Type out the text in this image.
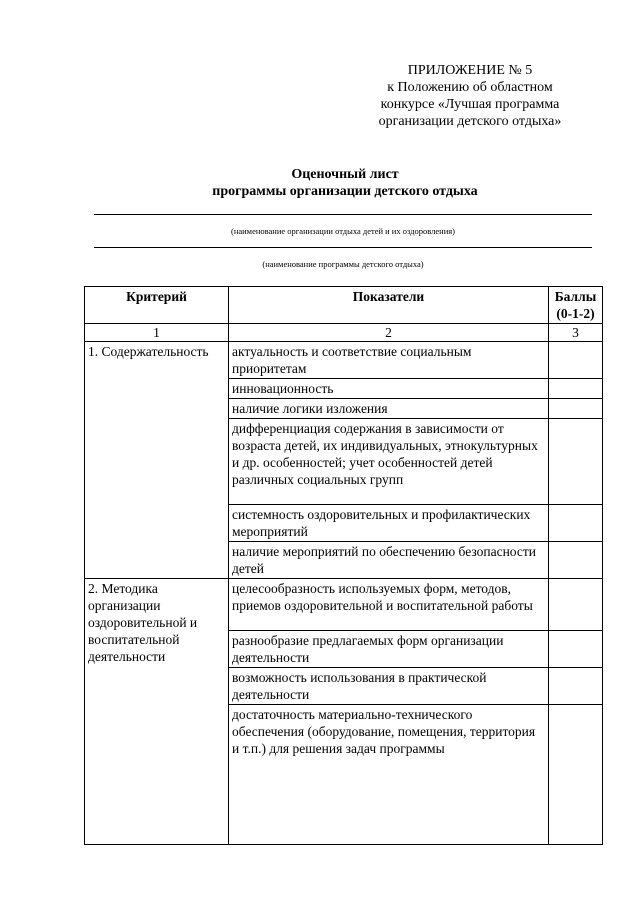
ПРИЛОЖЕНИЕ № 5
к Положению об областном
конкурсе «Лучшая программа
организации детского отдыха»
Оценочный лист
программы организации детского отдыха
(наименование организации отдыха детей и их оздоровления)
(наименование программы детского отдыха)
Критерий	Показатели	Баллы (0-1-2)
1	2	3
1. Содержательность	актуальность и соответствие социальным приоритетам	
	инновационность	
	наличие логики изложения	
	дифференциация содержания в зависимости от возраста детей, их индивидуальных, этнокультурных и др. особенностей; учет особенностей детей различных социальных групп	
	системность оздоровительных и профилактических мероприятий	
	наличие мероприятий по обеспечению безопасности детей	
2. Методика организации оздоровительной и воспитательной деятельности	целесообразность используемых форм, методов, приемов оздоровительной и воспитательной работы	
	разнообразие предлагаемых форм организации деятельности	
	возможность использования в практической деятельности	
	достаточность материально-технического обеспечения (оборудование, помещения, территория и т.п.) для решения задач программы	
